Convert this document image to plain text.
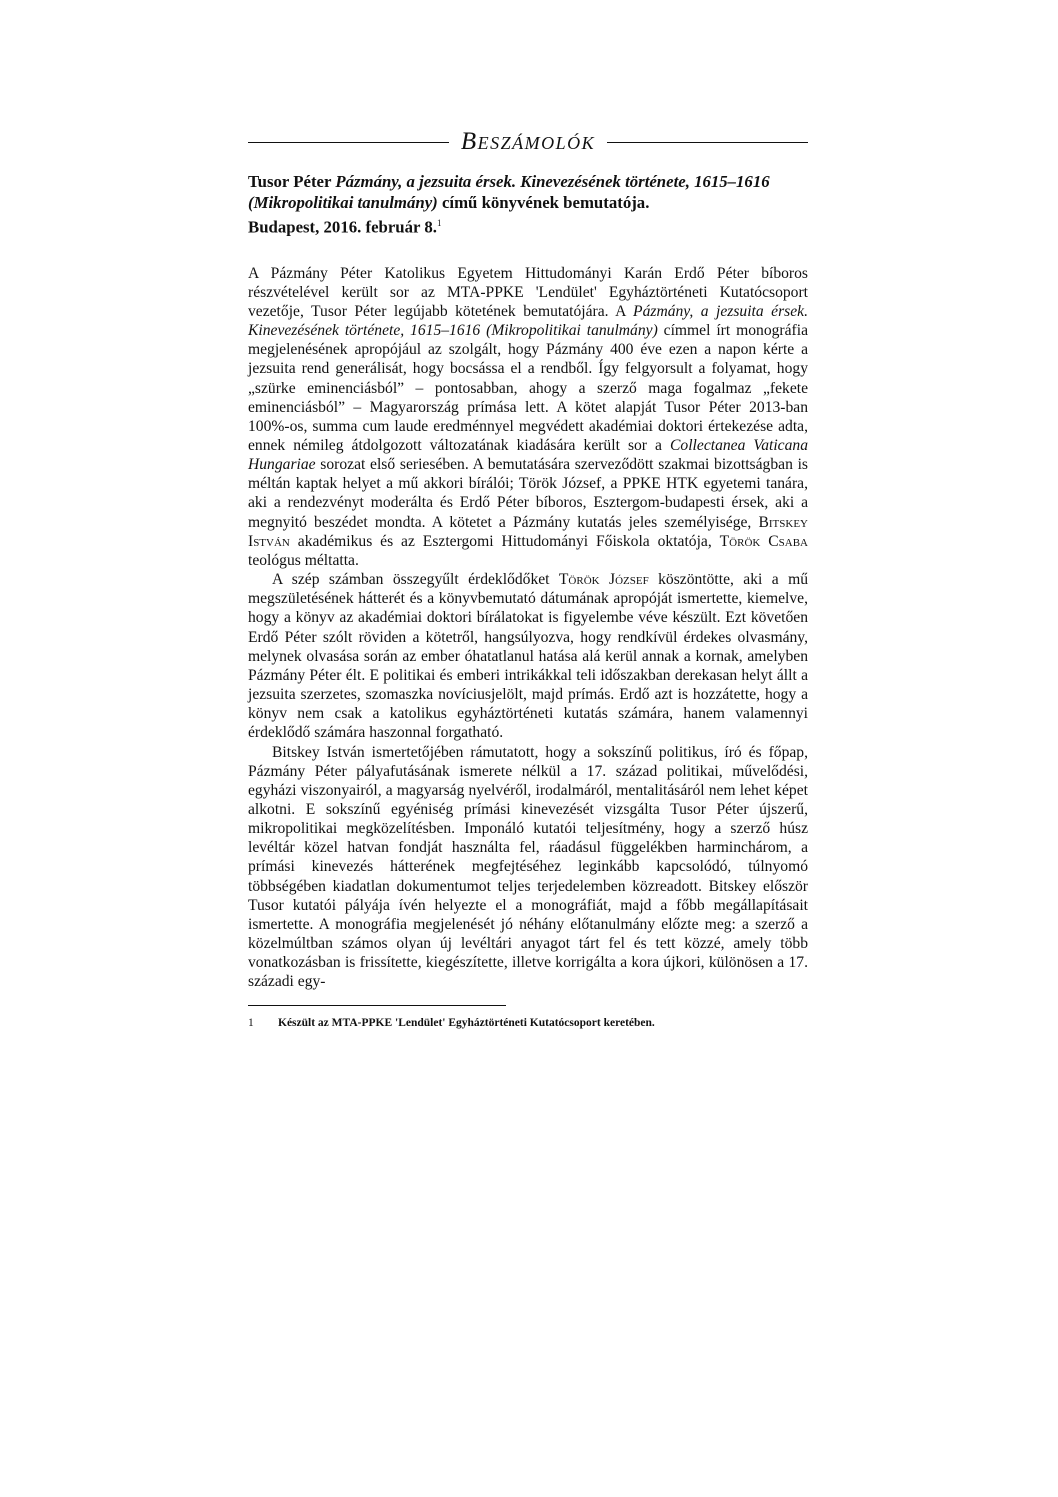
Beszámolók
Tusor Péter Pázmány, a jezsuita érsek. Kinevezésének története, 1615–1616 (Mikropolitikai tanulmány) című könyvének bemutatója.
Budapest, 2016. február 8.$^1$

A Pázmány Péter Katolikus Egyetem Hittudományi Karán Erdő Péter bíboros részvételével került sor az MTA-PPKE 'Lendület' Egyháztörténeti Kutatócsoport vezetője, Tusor Péter legújabb kötetének bemutatójára. A Pázmány, a jezsuita érsek. Kinevezésének története, 1615–1616 (Mikropolitikai tanulmány) címmel írt monográfia megjelenésének apropójául az szolgált, hogy Pázmány 400 éve ezen a napon kérte a jezsuita rend generálisát, hogy bocsássa el a rendből. Így felgyorsult a folyamat, hogy „szürke eminenciásból” – pontosabban, ahogy a szerző maga fogalmaz „fekete eminenciásból” – Magyarország prímása lett. A kötet alapját Tusor Péter 2013-ban 100%-os, summa cum laude eredménnyel megvédett akadémiai doktori értekezése adta, ennek némileg átdolgozott változatának kiadására került sor a Collectanea Vaticana Hungariae sorozat első seriesében. A bemutatására szerveződött szakmai bizottságban is méltán kaptak helyet a mű akkori bírálói; Török József, a PPKE HTK egyetemi tanára, aki a rendezvényt moderálta és Erdő Péter bíboros, Esztergom-budapesti érsek, aki a megnyitó beszédet mondta. A kötetet a Pázmány kutatás jeles személyisége, Bitskey István akadémikus és az Esztergomi Hittudományi Főiskola oktatója, Török Csaba teológus méltatta.

A szép számban összegyűlt érdeklődőket Török József köszöntötte, aki a mű megszületésének hátterét és a könyvbemutató dátumának apropóját ismertette, kiemelve, hogy a könyv az akadémiai doktori bírálatokat is figyelembe véve készült. Ezt követően Erdő Péter szólt röviden a kötetről, hangsúlyozva, hogy rendkívül érdekes olvasmány, melynek olvasása során az ember óhatatlanul hatása alá kerül annak a kornak, amelyben Pázmány Péter élt. E politikai és emberi intrikákkal teli időszakban derekasan helyt állt a jezsuita szerzetes, szomaszka novíciusjelölt, majd prímás. Erdő azt is hozzátette, hogy a könyv nem csak a katolikus egyháztörténeti kutatás számára, hanem valamennyi érdeklődő számára haszonnal forgatható.

Bitskey István ismertetőjében rámutatott, hogy a sokszínű politikus, író és főpap, Pázmány Péter pályafutásának ismerete nélkül a 17. század politikai, művelődési, egyházi viszonyairól, a magyarság nyelvéről, irodalmáról, mentalitásáról nem lehet képet alkotni. E sokszínű egyéniség prímási kinevezését vizsgálta Tusor Péter újszerű, mikropolitikai megközelítésben. Imponáló kutatói teljesítmény, hogy a szerző húsz levéltár közel hatvan fondját használta fel, ráadásul függelékben harminchárom, a prímási kinevezés hátterének megfejtéséhez leginkább kapcsolódó, túlnyomó többségében kiadatlan dokumentumot teljes terjedelemben közreadott. Bitskey először Tusor kutatói pályája ívén helyezte el a monográfiát, majd a főbb megállapításait ismertette. A monográfia megjelenését jó néhány előtanulmány előzte meg: a szerző a közelmúltban számos olyan új levéltári anyagot tárt fel és tett közzé, amely több vonatkozásban is frissítette, kiegészítette, illetve korrigálta a kora újkori, különösen a 17. századi egy-

1	Készült az MTA-PPKE 'Lendület' Egyháztörténeti Kutatócsoport keretében.
